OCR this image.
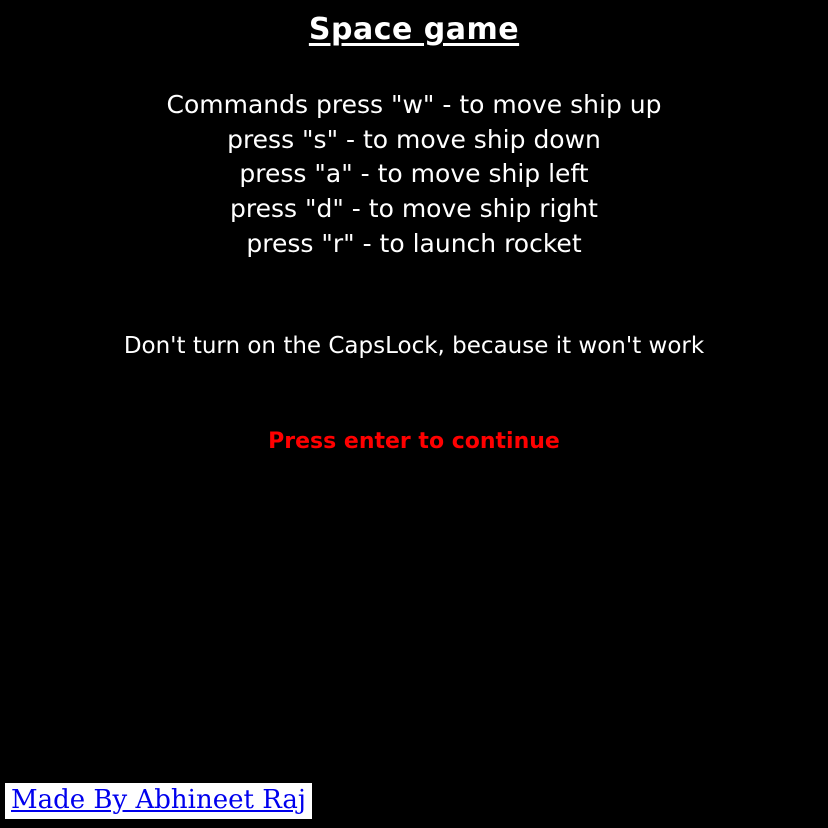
Space game
Commands press "w" - to move ship up
press "s" - to move ship down
press "a" - to move ship left
press "d" - to move ship right
press "r" - to launch rocket
Don't turn on the CapsLock, because it won't work
Press enter to continue
Made By Abhineet Raj
